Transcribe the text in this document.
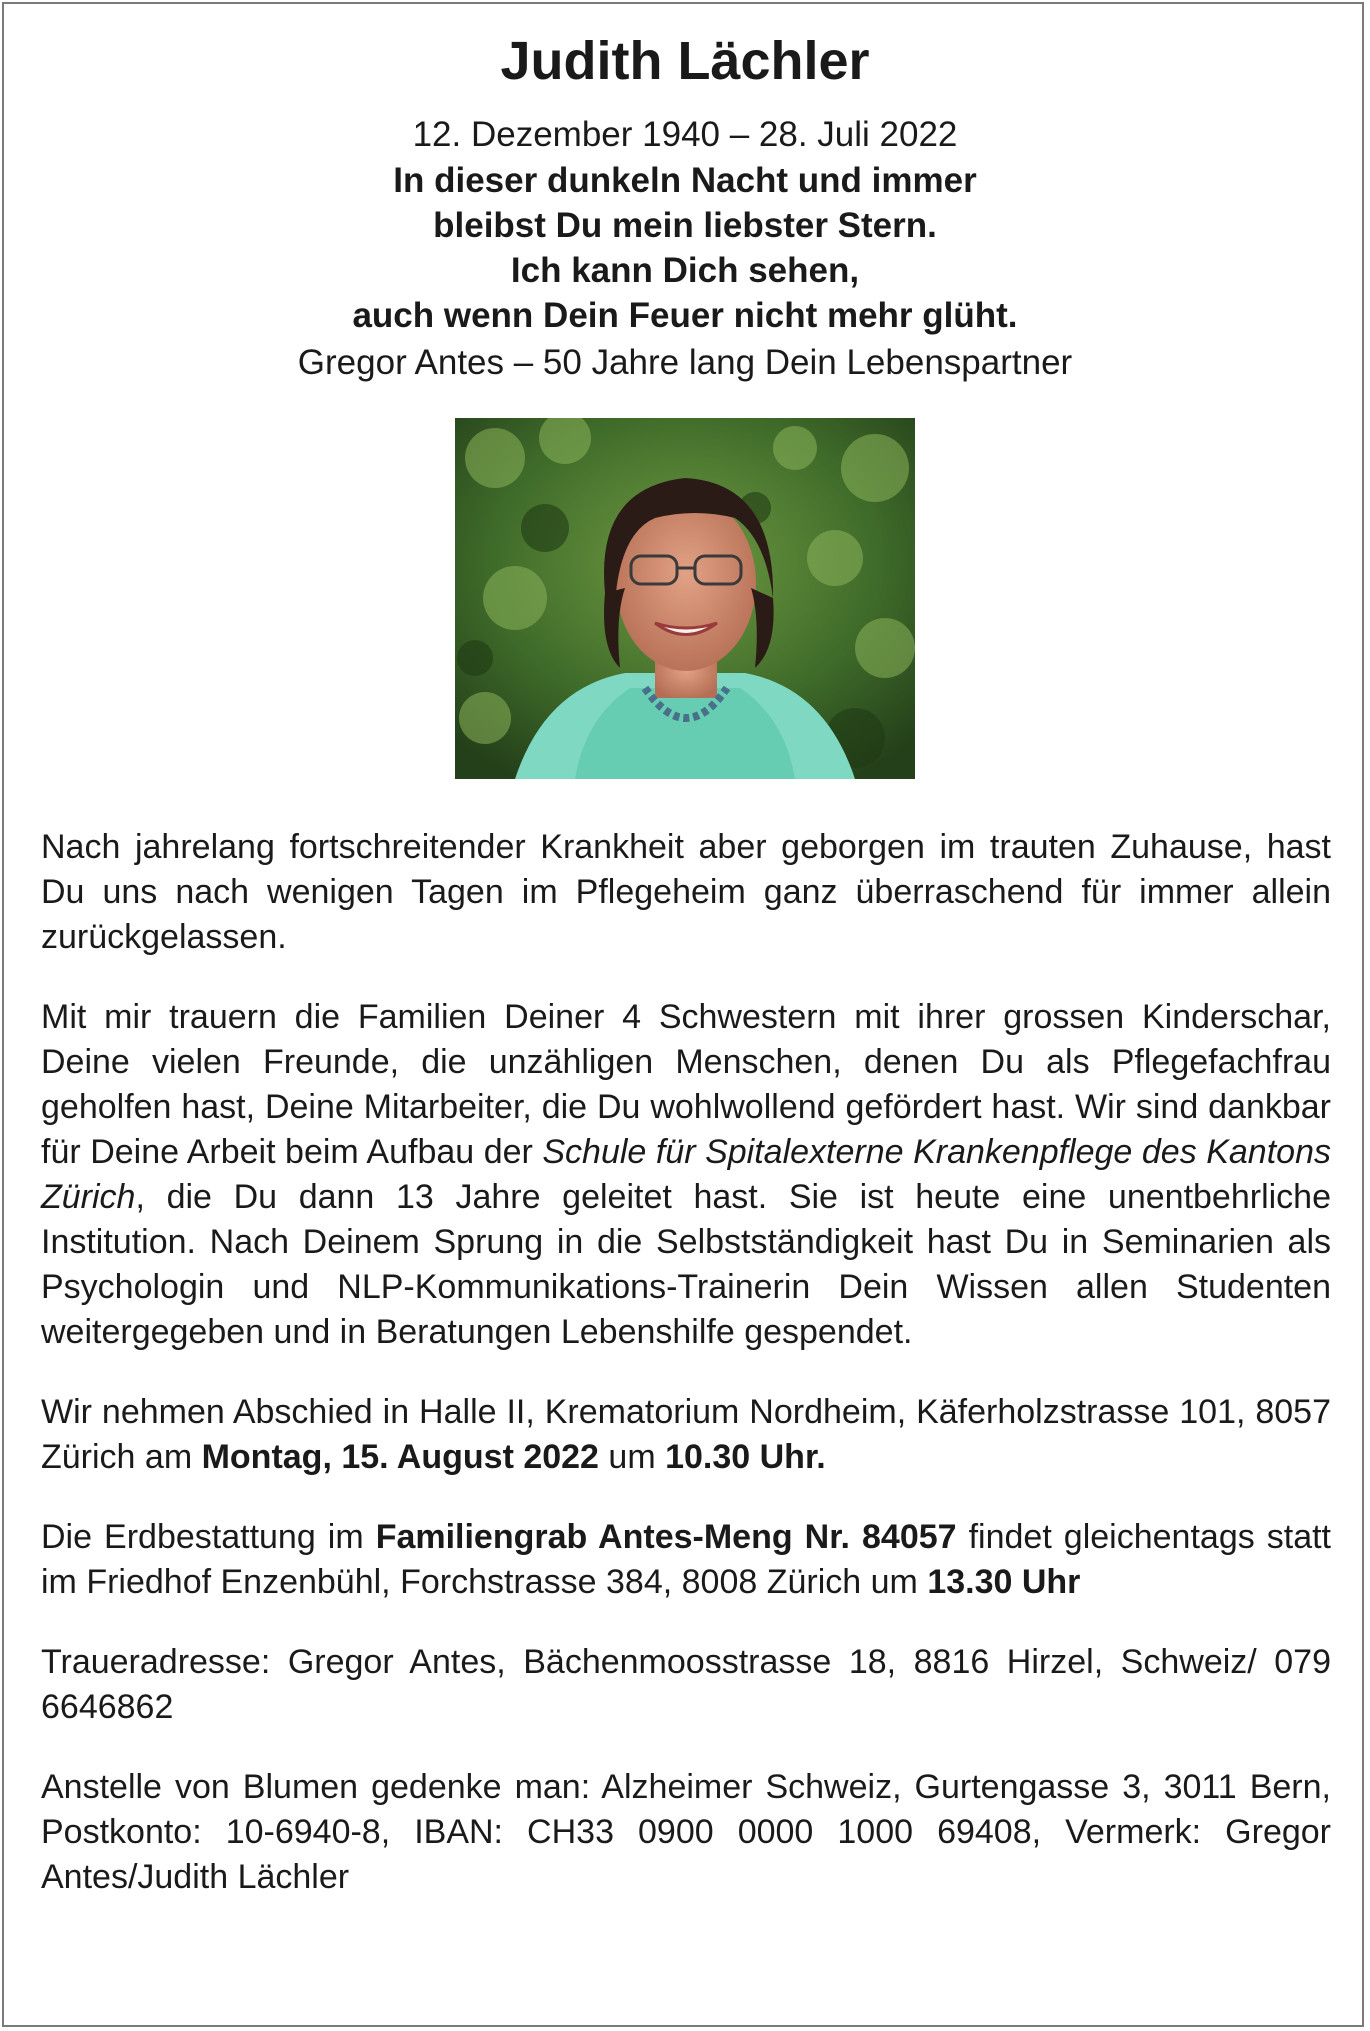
Judith Lächler
12. Dezember 1940 – 28. Juli 2022
In dieser dunkeln Nacht und immer
bleibst Du mein liebster Stern.
Ich kann Dich sehen,
auch wenn Dein Feuer nicht mehr glüht.
Gregor Antes – 50 Jahre lang Dein Lebenspartner

Nach jahrelang fortschreitender Krankheit aber geborgen im trauten Zuhause, hast Du uns nach wenigen Tagen im Pflegeheim ganz überraschend für immer allein zurückgelassen.

Mit mir trauern die Familien Deiner 4 Schwestern mit ihrer grossen Kinderschar, Deine vielen Freunde, die unzähligen Menschen, denen Du als Pflegefachfrau geholfen hast, Deine Mitarbeiter, die Du wohlwollend gefördert hast. Wir sind dankbar für Deine Arbeit beim Aufbau der Schule für Spitalexterne Krankenpflege des Kantons Zürich, die Du dann 13 Jahre geleitet hast. Sie ist heute eine unentbehrliche Institution. Nach Deinem Sprung in die Selbstständigkeit hast Du in Seminarien als Psychologin und NLP-Kommunikations-Trainerin Dein Wissen allen Studenten weitergegeben und in Beratungen Lebenshilfe gespendet.

Wir nehmen Abschied in Halle II, Krematorium Nordheim, Käferholzstrasse 101, 8057 Zürich am Montag, 15. August 2022 um 10.30 Uhr.

Die Erdbestattung im Familiengrab Antes-Meng Nr. 84057 findet gleichentags statt im Friedhof Enzenbühl, Forchstrasse 384, 8008 Zürich um 13.30 Uhr

Traueradresse: Gregor Antes, Bächenmoosstrasse 18, 8816 Hirzel, Schweiz/ 079 6646862

Anstelle von Blumen gedenke man: Alzheimer Schweiz, Gurtengasse 3, 3011 Bern, Postkonto: 10-6940-8, IBAN: CH33 0900 0000 1000 69408, Vermerk: Gregor Antes/Judith Lächler
